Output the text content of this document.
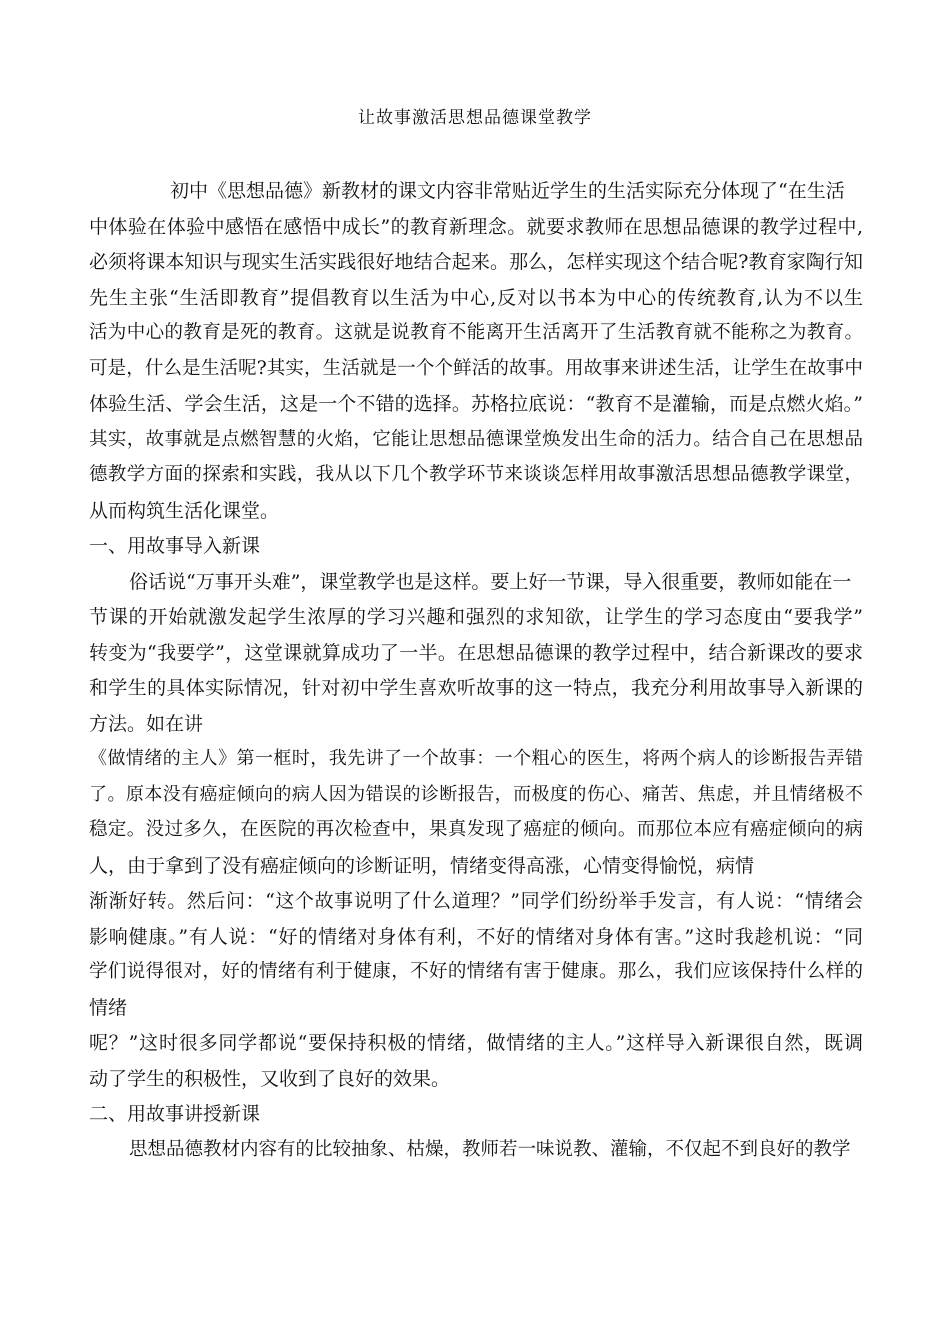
让故事激活思想品德课堂教学
初中《思想品德》新教材的课文内容非常贴近学生的生活实际充分体现了“在生活
中体验在体验中感悟在感悟中成长”的教育新理念。就要求教师在思想品德课的教学过程中,
必须将课本知识与现实生活实践很好地结合起来。那么，怎样实现这个结合呢?教育家陶行知
先生主张“生活即教育”提倡教育以生活为中心,反对以书本为中心的传统教育,认为不以生
活为中心的教育是死的教育。这就是说教育不能离开生活离开了生活教育就不能称之为教育。
可是，什么是生活呢?其实，生活就是一个个鲜活的故事。用故事来讲述生活，让学生在故事中
体验生活、学会生活，这是一个不错的选择。苏格拉底说：“教育不是灌输，而是点燃火焰。”
其实，故事就是点燃智慧的火焰，它能让思想品德课堂焕发出生命的活力。结合自己在思想品
德教学方面的探索和实践，我从以下几个教学环节来谈谈怎样用故事激活思想品德教学课堂，
从而构筑生活化课堂。
一、用故事导入新课
俗话说“万事开头难”，课堂教学也是这样。要上好一节课，导入很重要，教师如能在一
节课的开始就激发起学生浓厚的学习兴趣和强烈的求知欲，让学生的学习态度由“要我学”
转变为“我要学”，这堂课就算成功了一半。在思想品德课的教学过程中，结合新课改的要求
和学生的具体实际情况，针对初中学生喜欢听故事的这一特点，我充分利用故事导入新课的
方法。如在讲
《做情绪的主人》第一框时，我先讲了一个故事：一个粗心的医生，将两个病人的诊断报告弄错
了。原本没有癌症倾向的病人因为错误的诊断报告，而极度的伤心、痛苦、焦虑，并且情绪极不
稳定。没过多久，在医院的再次检查中，果真发现了癌症的倾向。而那位本应有癌症倾向的病
人，由于拿到了没有癌症倾向的诊断证明，情绪变得高涨，心情变得愉悦，病情
渐渐好转。然后问：“这个故事说明了什么道理？”同学们纷纷举手发言，有人说：“情绪会
影响健康。”有人说：“好的情绪对身体有利，不好的情绪对身体有害。”这时我趁机说：“同
学们说得很对，好的情绪有利于健康，不好的情绪有害于健康。那么，我们应该保持什么样的
情绪
呢？”这时很多同学都说“要保持积极的情绪，做情绪的主人。”这样导入新课很自然，既调
动了学生的积极性，又收到了良好的效果。
二、用故事讲授新课
思想品德教材内容有的比较抽象、枯燥，教师若一味说教、灌输，不仅起不到良好的教学
